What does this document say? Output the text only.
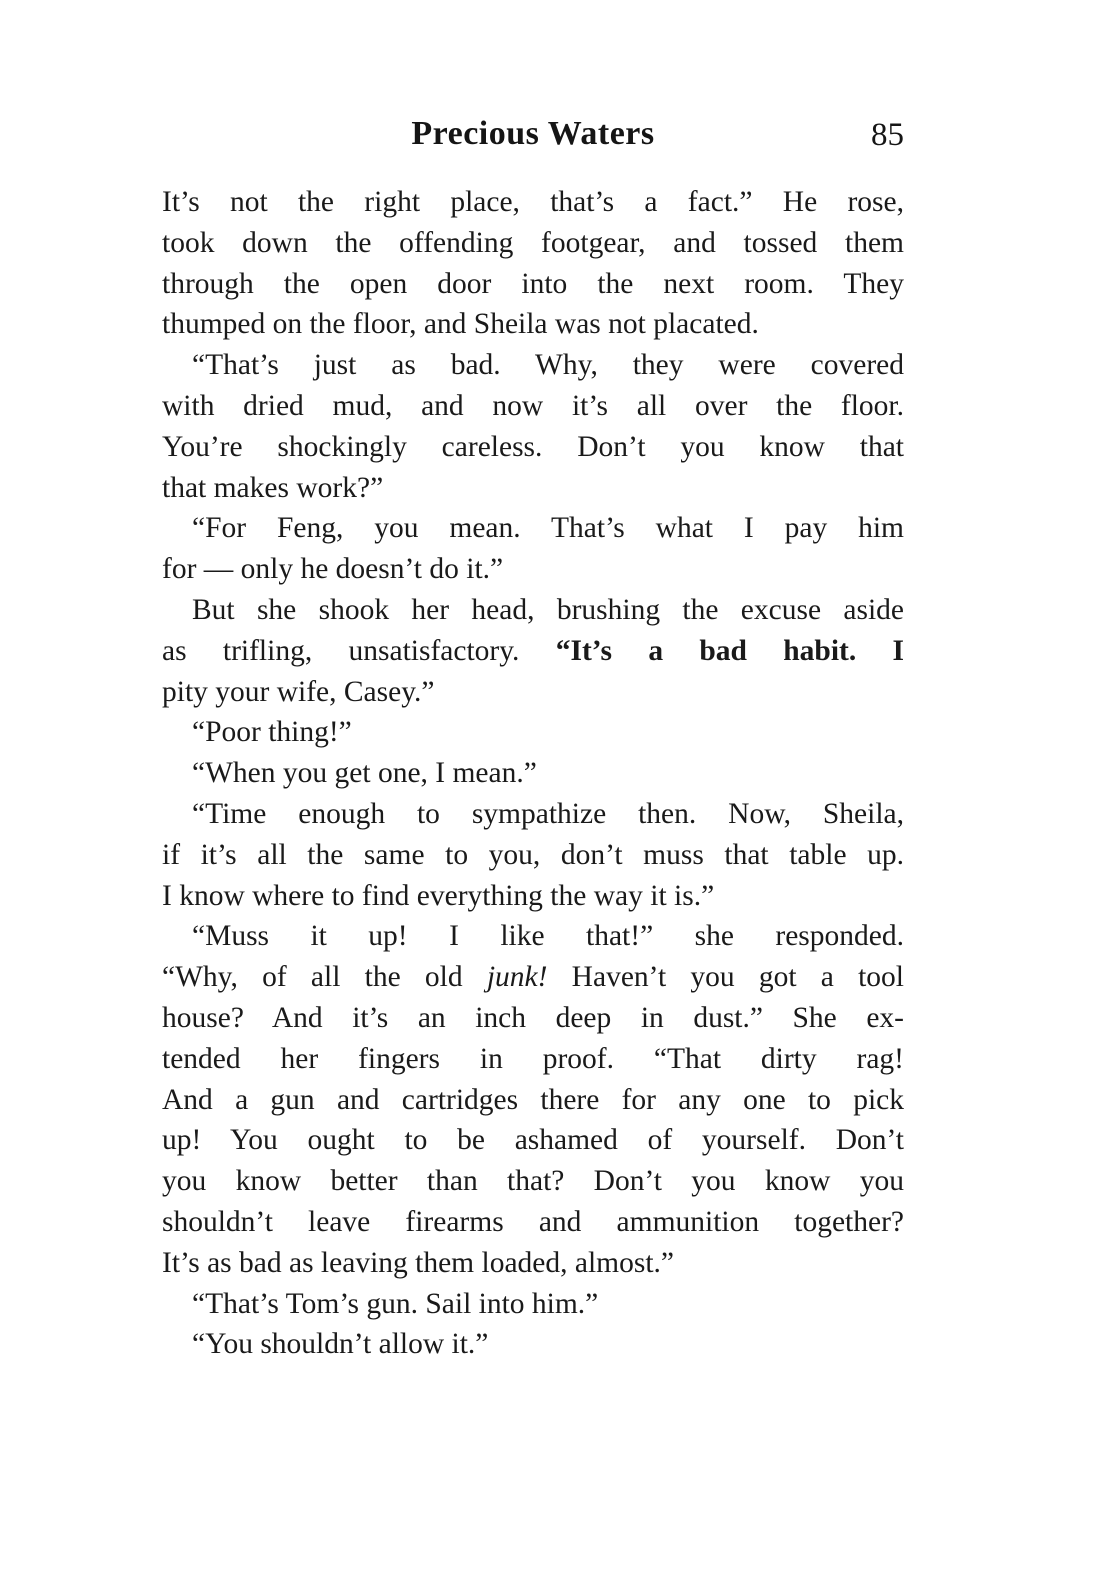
Precious Waters	85
It’s not the right place, that’s a fact.” He rose,
took down the offending footgear, and tossed them
through the open door into the next room. They
thumped on the floor, and Sheila was not placated.
“That’s just as bad. Why, they were covered
with dried mud, and now it’s all over the floor.
You’re shockingly careless. Don’t you know that
that makes work?”
“For Feng, you mean. That’s what I pay him
for — only he doesn’t do it.”
But she shook her head, brushing the excuse aside
as trifling, unsatisfactory. “It’s a bad habit. I
pity your wife, Casey.”
“Poor thing!”
“When you get one, I mean.”
“Time enough to sympathize then. Now, Sheila,
if it’s all the same to you, don’t muss that table up.
I know where to find everything the way it is.”
“Muss it up! I like that!” she responded.
“Why, of all the old junk! Haven’t you got a tool
house? And it’s an inch deep in dust.” She ex-
tended her fingers in proof. “That dirty rag!
And a gun and cartridges there for any one to pick
up! You ought to be ashamed of yourself. Don’t
you know better than that? Don’t you know you
shouldn’t leave firearms and ammunition together?
It’s as bad as leaving them loaded, almost.”
“That’s Tom’s gun. Sail into him.”
“You shouldn’t allow it.”
